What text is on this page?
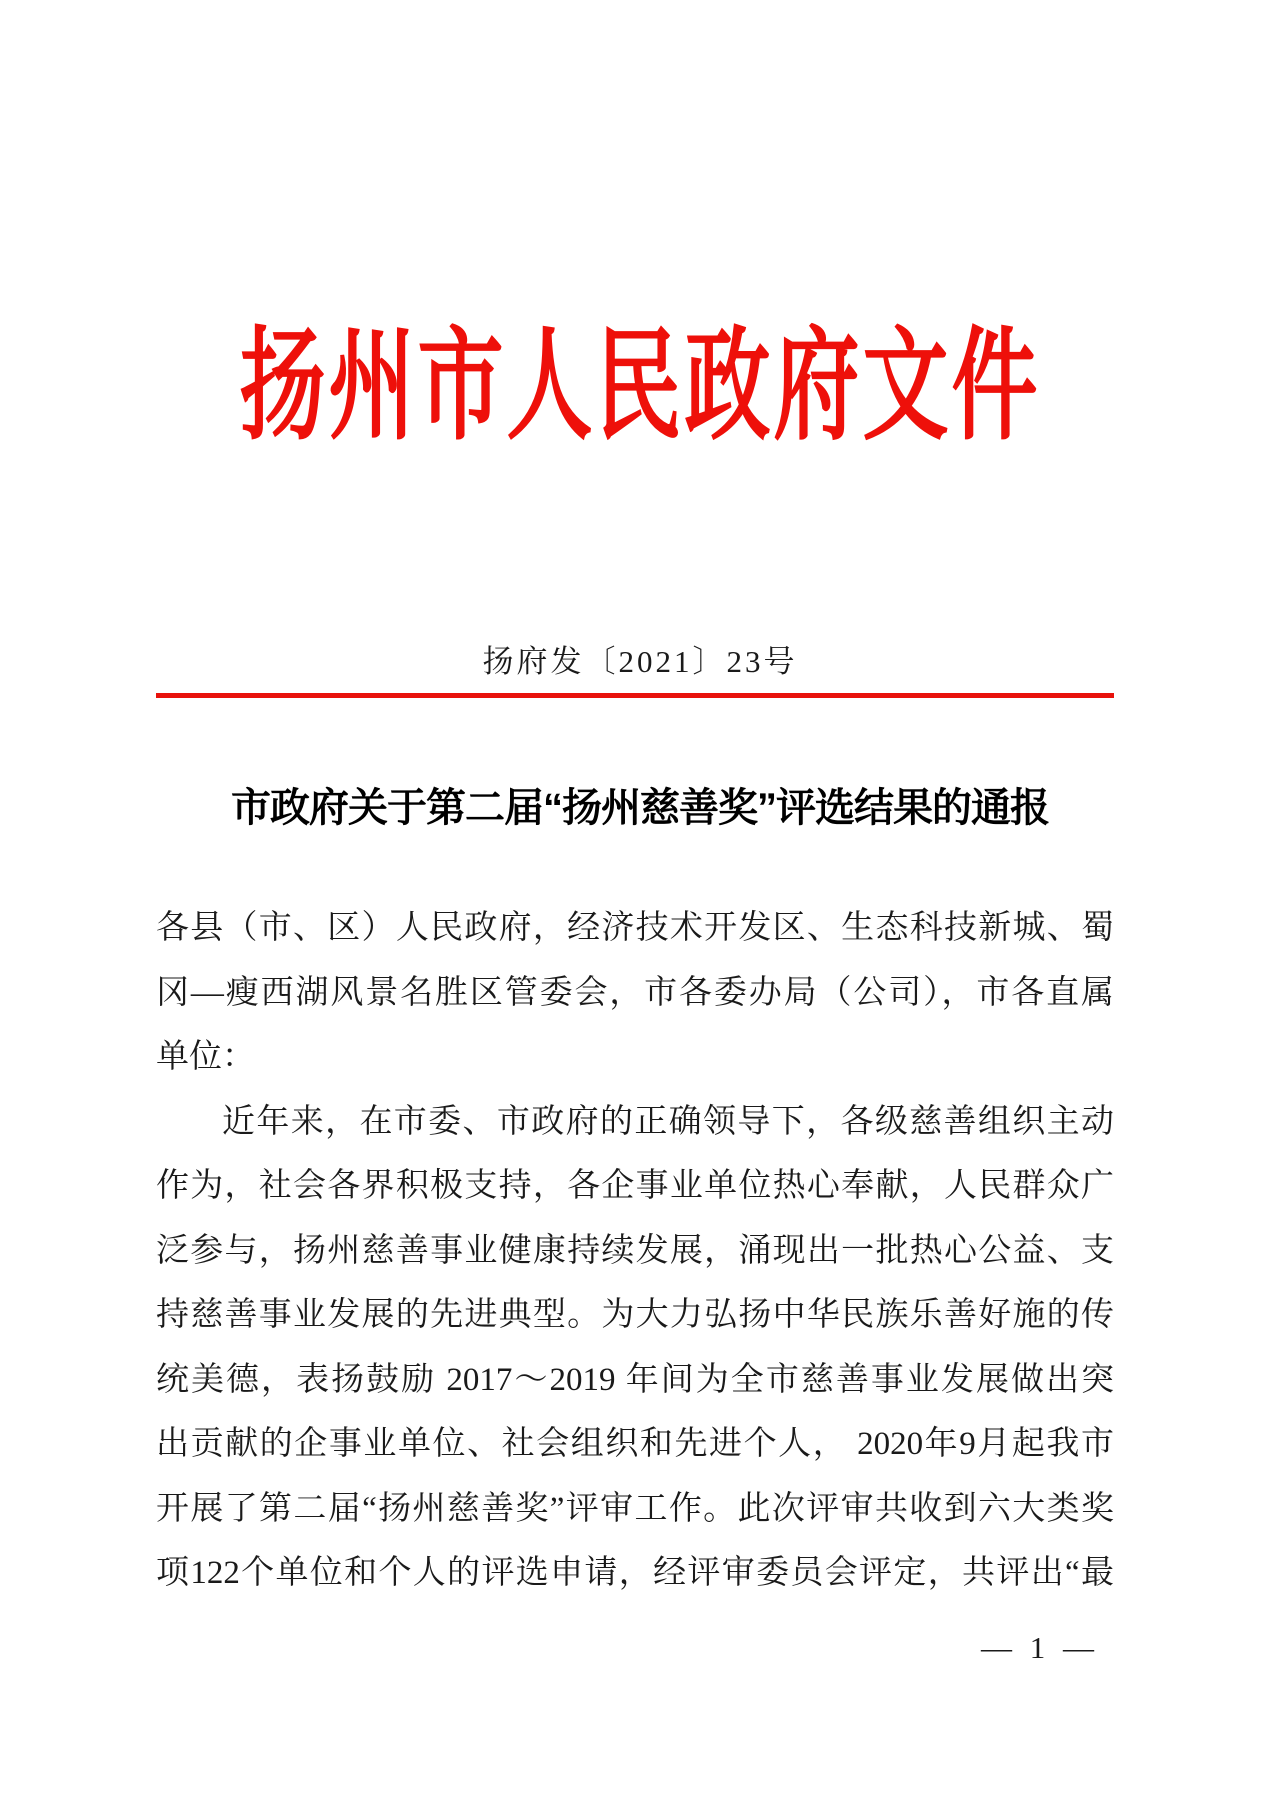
扬州市人民政府文件
扬府发〔2021〕23号
市政府关于第二届“扬州慈善奖”评选结果的通报
各县（市、区）人民政府，经济技术开发区、生态科技新城、蜀
冈—瘦西湖风景名胜区管委会，市各委办局（公司），市各直属
单位：
近年来，在市委、市政府的正确领导下，各级慈善组织主动
作为，社会各界积极支持，各企事业单位热心奉献，人民群众广
泛参与，扬州慈善事业健康持续发展，涌现出一批热心公益、支
持慈善事业发展的先进典型。为大力弘扬中华民族乐善好施的传
统美德，表扬鼓励 2017～2019 年间为全市慈善事业发展做出突
出贡献的企事业单位、社会组织和先进个人， 2020年9月起我市
开展了第二届“扬州慈善奖”评审工作。此次评审共收到六大类奖
项122个单位和个人的评选申请，经评审委员会评定，共评出“最
— 1 —
